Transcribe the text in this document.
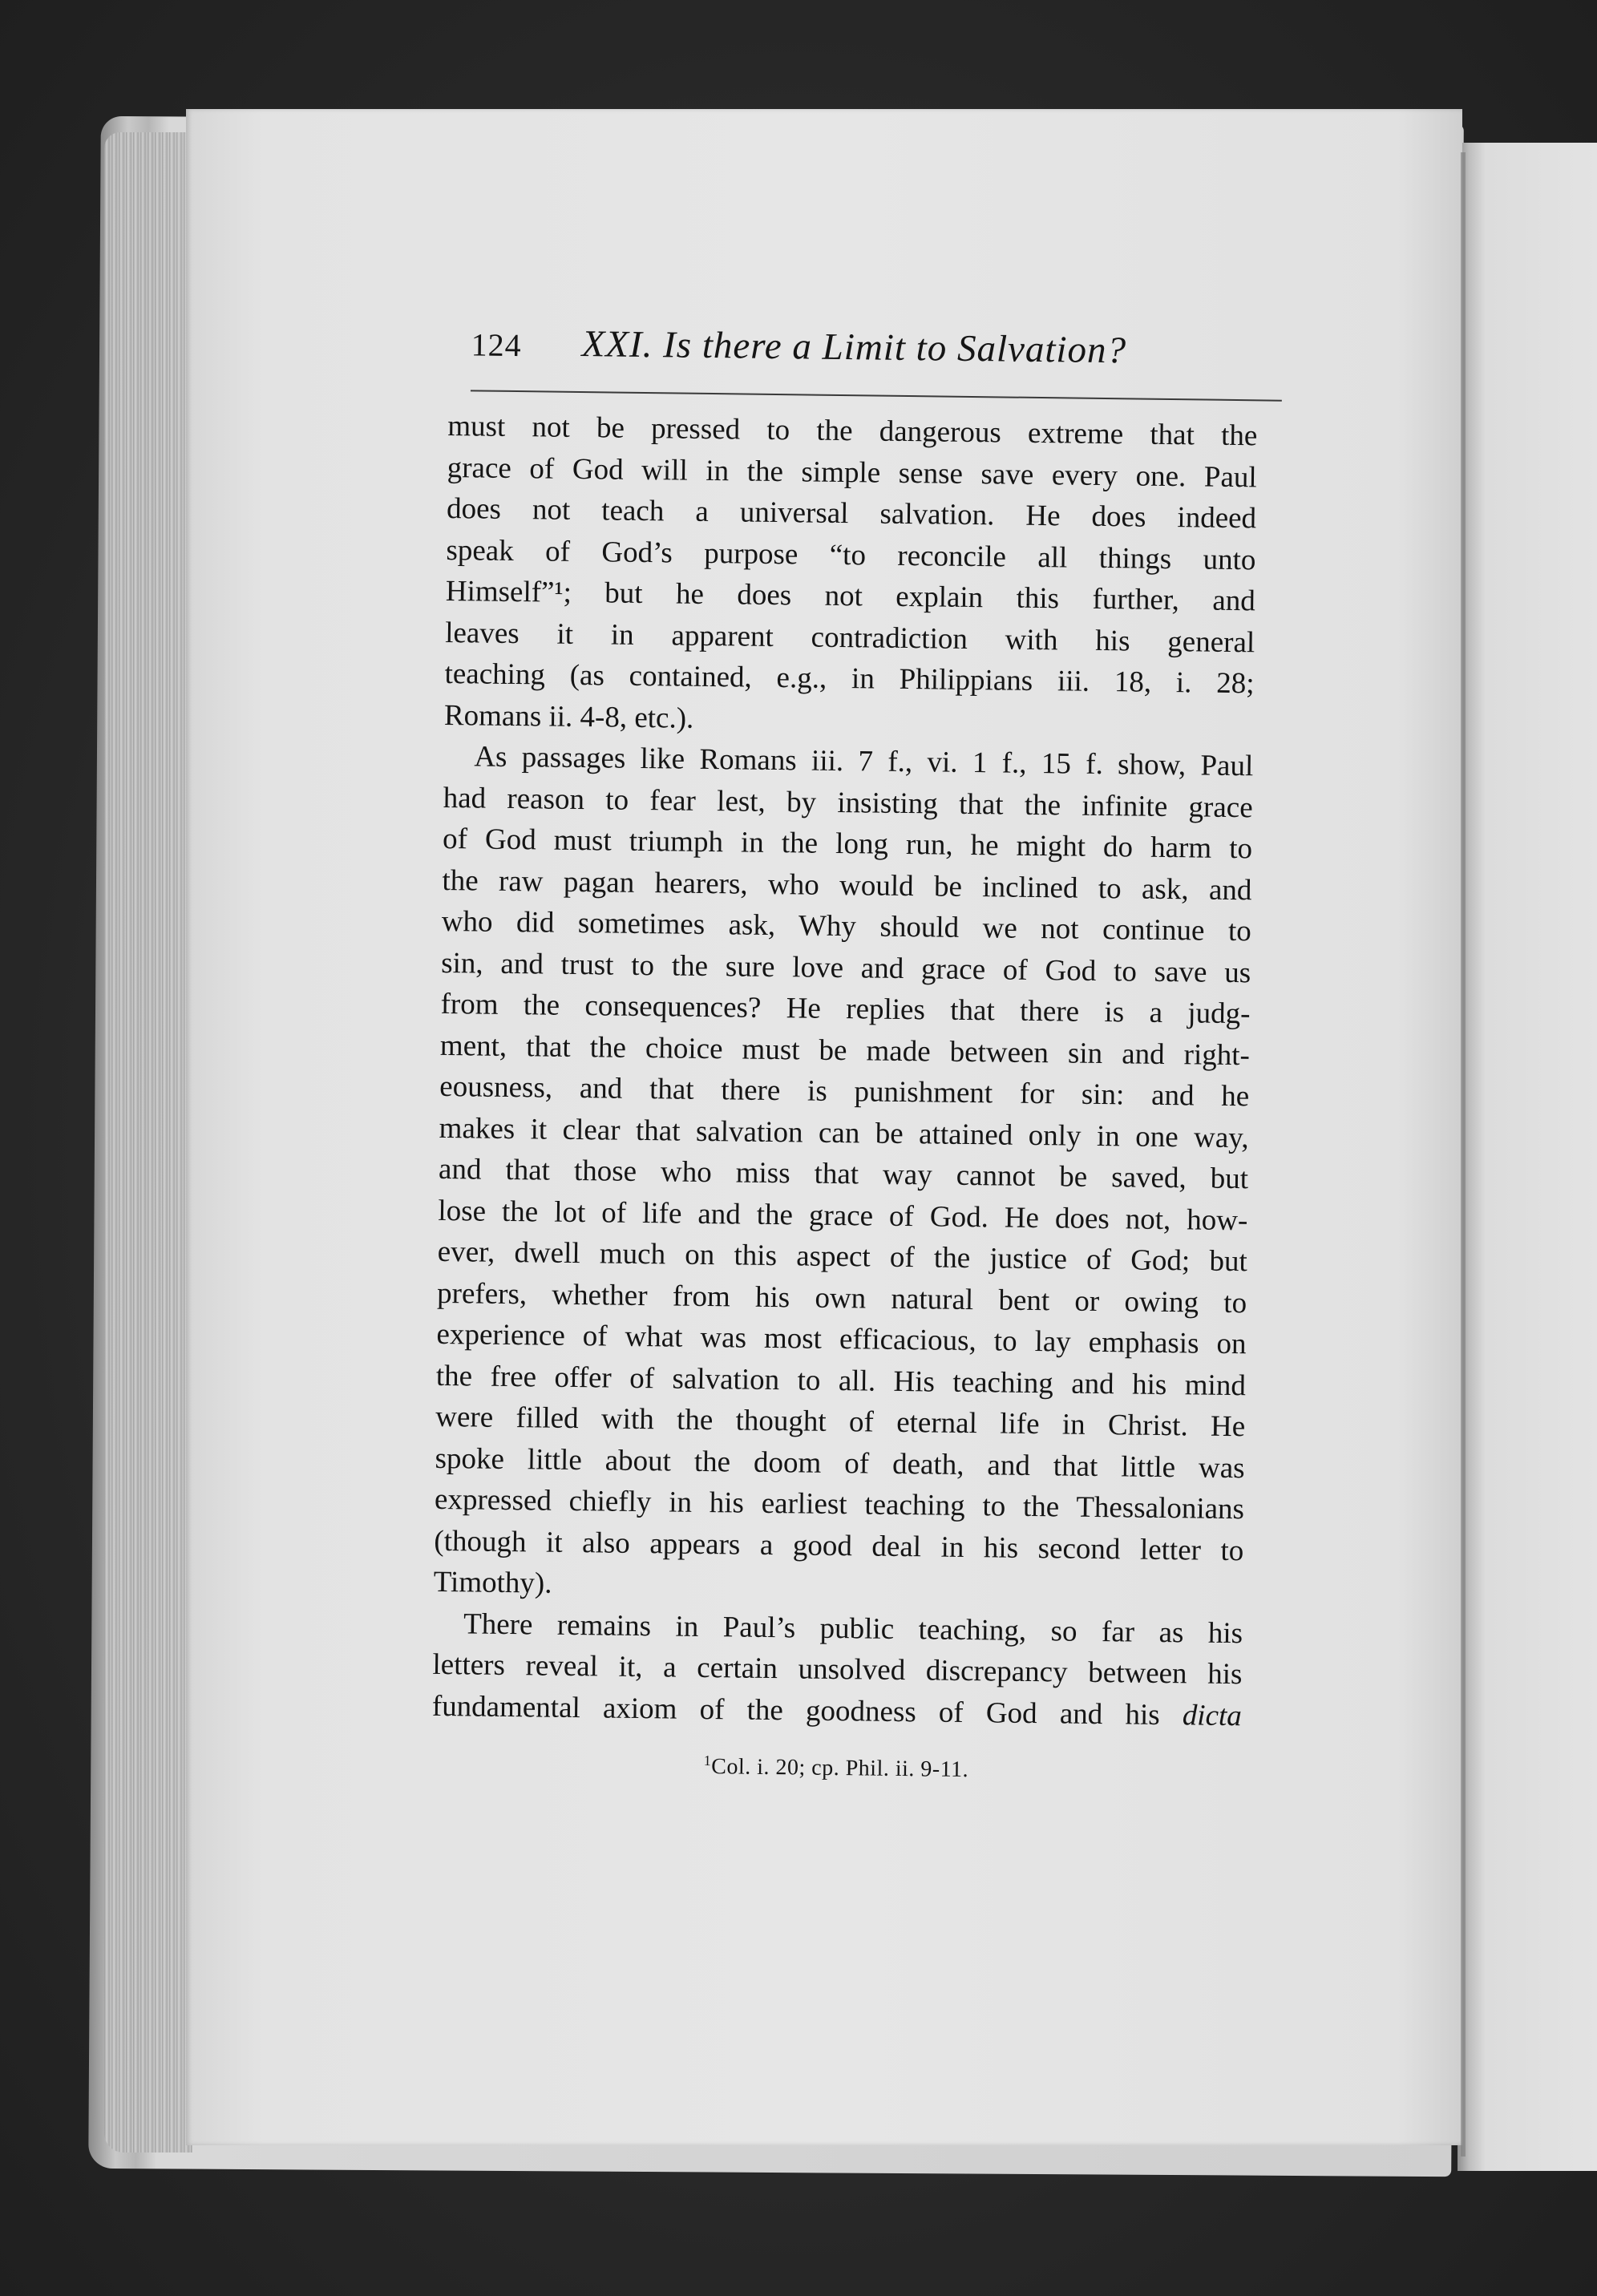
124 XXI. Is there a Limit to Salvation?

must not be pressed to the dangerous extreme that the
grace of God will in the simple sense save every one. Paul
does not teach a universal salvation. He does indeed
speak of God’s purpose “to reconcile all things unto
Himself”¹; but he does not explain this further, and
leaves it in apparent contradiction with his general
teaching (as contained, e.g., in Philippians iii. 18, i. 28;
Romans ii. 4-8, etc.).

As passages like Romans iii. 7 f., vi. 1 f., 15 f. show, Paul
had reason to fear lest, by insisting that the infinite grace
of God must triumph in the long run, he might do harm to
the raw pagan hearers, who would be inclined to ask, and
who did sometimes ask, Why should we not continue to
sin, and trust to the sure love and grace of God to save us
from the consequences? He replies that there is a judg-
ment, that the choice must be made between sin and right-
eousness, and that there is punishment for sin: and he
makes it clear that salvation can be attained only in one way,
and that those who miss that way cannot be saved, but
lose the lot of life and the grace of God. He does not, how-
ever, dwell much on this aspect of the justice of God; but
prefers, whether from his own natural bent or owing to
experience of what was most efficacious, to lay emphasis on
the free offer of salvation to all. His teaching and his mind
were filled with the thought of eternal life in Christ. He
spoke little about the doom of death, and that little was
expressed chiefly in his earliest teaching to the Thessalonians
(though it also appears a good deal in his second letter to
Timothy).

There remains in Paul’s public teaching, so far as his
letters reveal it, a certain unsolved discrepancy between his
fundamental axiom of the goodness of God and his dicta

$^1$Col. i. 20; cp. Phil. ii. 9-11.
